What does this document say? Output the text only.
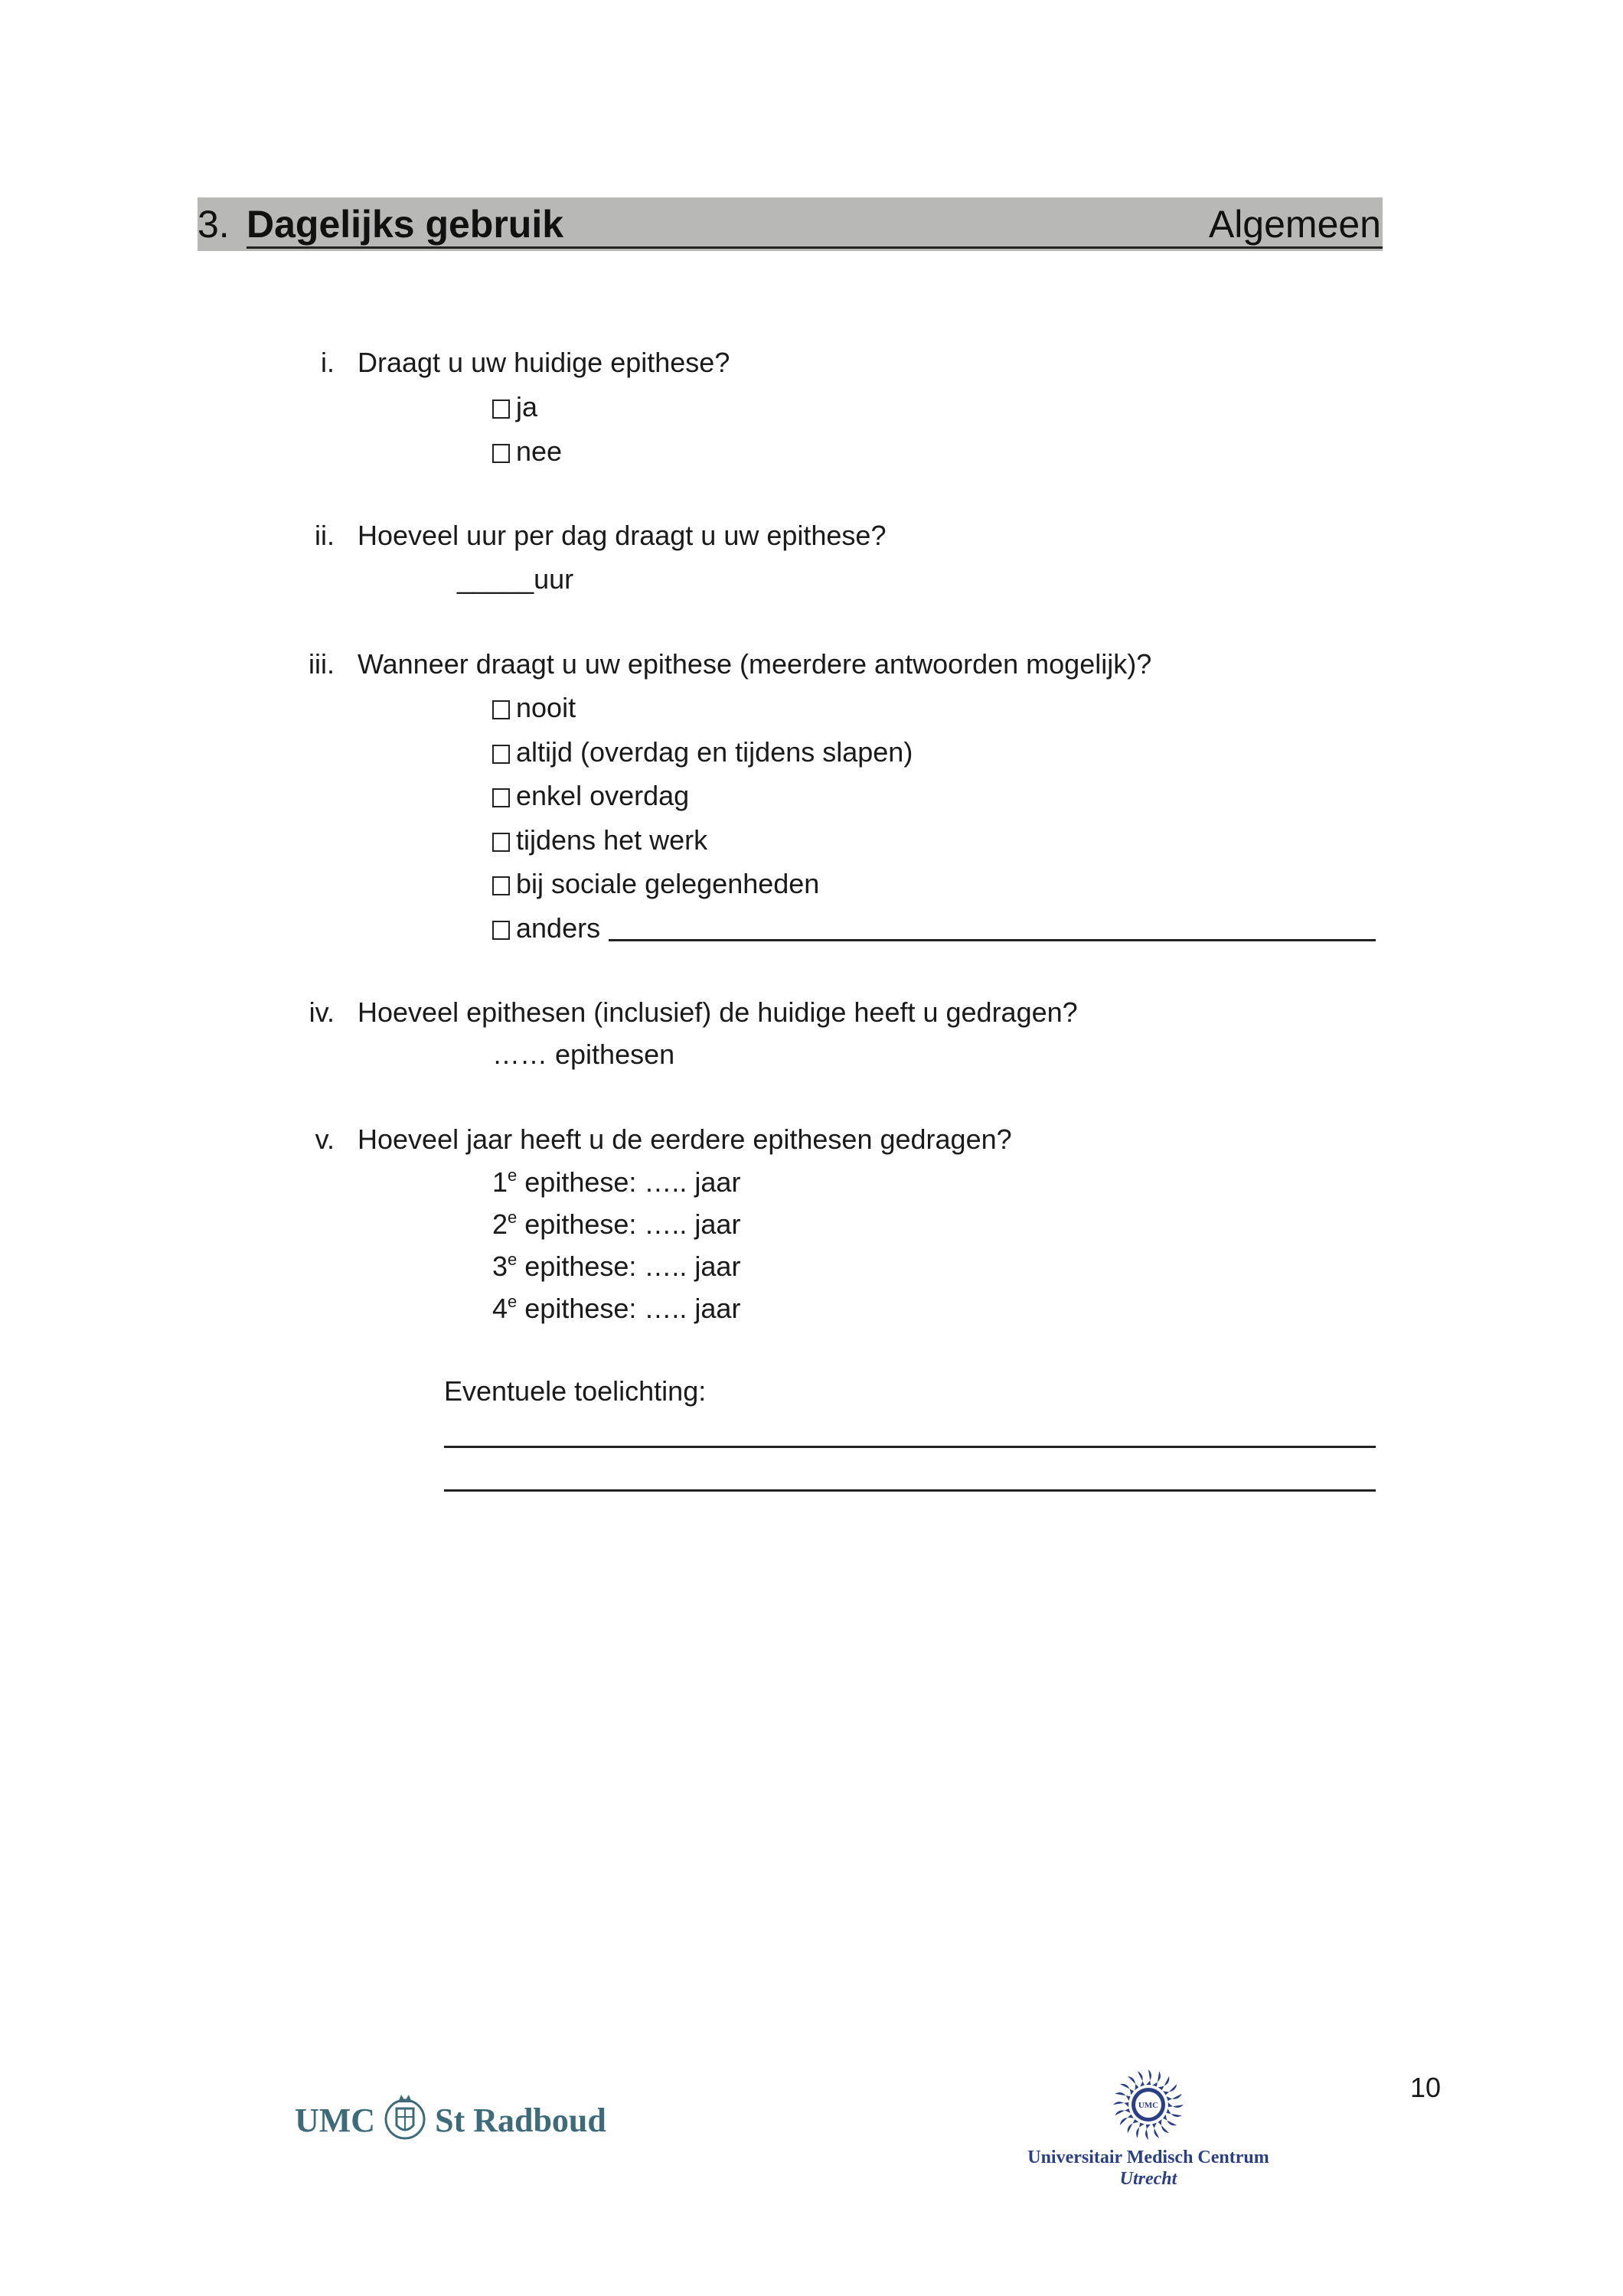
3. Dagelijks gebruik	Algemeen
i. Draagt u uw huidige epithese?
ja
nee
ii. Hoeveel uur per dag draagt u uw epithese?
_____uur
iii. Wanneer draagt u uw epithese (meerdere antwoorden mogelijk)?
nooit
altijd (overdag en tijdens slapen)
enkel overdag
tijdens het werk
bij sociale gelegenheden
anders
iv. Hoeveel epithesen (inclusief) de huidige heeft u gedragen?
…… epithesen
v. Hoeveel jaar heeft u de eerdere epithesen gedragen?
1e epithese: ….. jaar
2e epithese: ….. jaar
3e epithese: ….. jaar
4e epithese: ….. jaar
Eventuele toelichting:
UMC St Radboud	UMC
Universitair Medisch Centrum
Utrecht
10
